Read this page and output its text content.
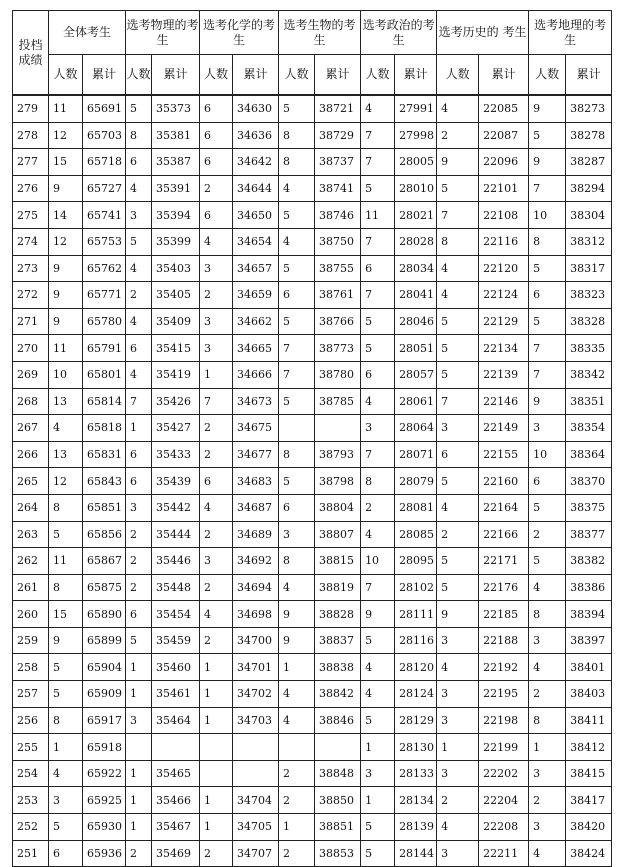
投档成绩	全体考生		选考物理的考生		选考化学的考生		选考生物的考生		选考政治的考生		选考历史的 考生		选考地理的考生	
	人数	累计	人数	累计	人数	累计	人数	累计	人数	累计	人数	累计	人数	累计
279	11	65691	5	35373	6	34630	5	38721	4	27991	4	22085	9	38273
278	12	65703	8	35381	6	34636	8	38729	7	27998	2	22087	5	38278
277	15	65718	6	35387	6	34642	8	38737	7	28005	9	22096	9	38287
276	9	65727	4	35391	2	34644	4	38741	5	28010	5	22101	7	38294
275	14	65741	3	35394	6	34650	5	38746	11	28021	7	22108	10	38304
274	12	65753	5	35399	4	34654	4	38750	7	28028	8	22116	8	38312
273	9	65762	4	35403	3	34657	5	38755	6	28034	4	22120	5	38317
272	9	65771	2	35405	2	34659	6	38761	7	28041	4	22124	6	38323
271	9	65780	4	35409	3	34662	5	38766	5	28046	5	22129	5	38328
270	11	65791	6	35415	3	34665	7	38773	5	28051	5	22134	7	38335
269	10	65801	4	35419	1	34666	7	38780	6	28057	5	22139	7	38342
268	13	65814	7	35426	7	34673	5	38785	4	28061	7	22146	9	38351
267	4	65818	1	35427	2	34675			3	28064	3	22149	3	38354
266	13	65831	6	35433	2	34677	8	38793	7	28071	6	22155	10	38364
265	12	65843	6	35439	6	34683	5	38798	8	28079	5	22160	6	38370
264	8	65851	3	35442	4	34687	6	38804	2	28081	4	22164	5	38375
263	5	65856	2	35444	2	34689	3	38807	4	28085	2	22166	2	38377
262	11	65867	2	35446	3	34692	8	38815	10	28095	5	22171	5	38382
261	8	65875	2	35448	2	34694	4	38819	7	28102	5	22176	4	38386
260	15	65890	6	35454	4	34698	9	38828	9	28111	9	22185	8	38394
259	9	65899	5	35459	2	34700	9	38837	5	28116	3	22188	3	38397
258	5	65904	1	35460	1	34701	1	38838	4	28120	4	22192	4	38401
257	5	65909	1	35461	1	34702	4	38842	4	28124	3	22195	2	38403
256	8	65917	3	35464	1	34703	4	38846	5	28129	3	22198	8	38411
255	1	65918							1	28130	1	22199	1	38412
254	4	65922	1	35465			2	38848	3	28133	3	22202	3	38415
253	3	65925	1	35466	1	34704	2	38850	1	28134	2	22204	2	38417
252	5	65930	1	35467	1	34705	1	38851	5	28139	4	22208	3	38420
251	6	65936	2	35469	2	34707	2	38853	5	28144	3	22211	4	38424
